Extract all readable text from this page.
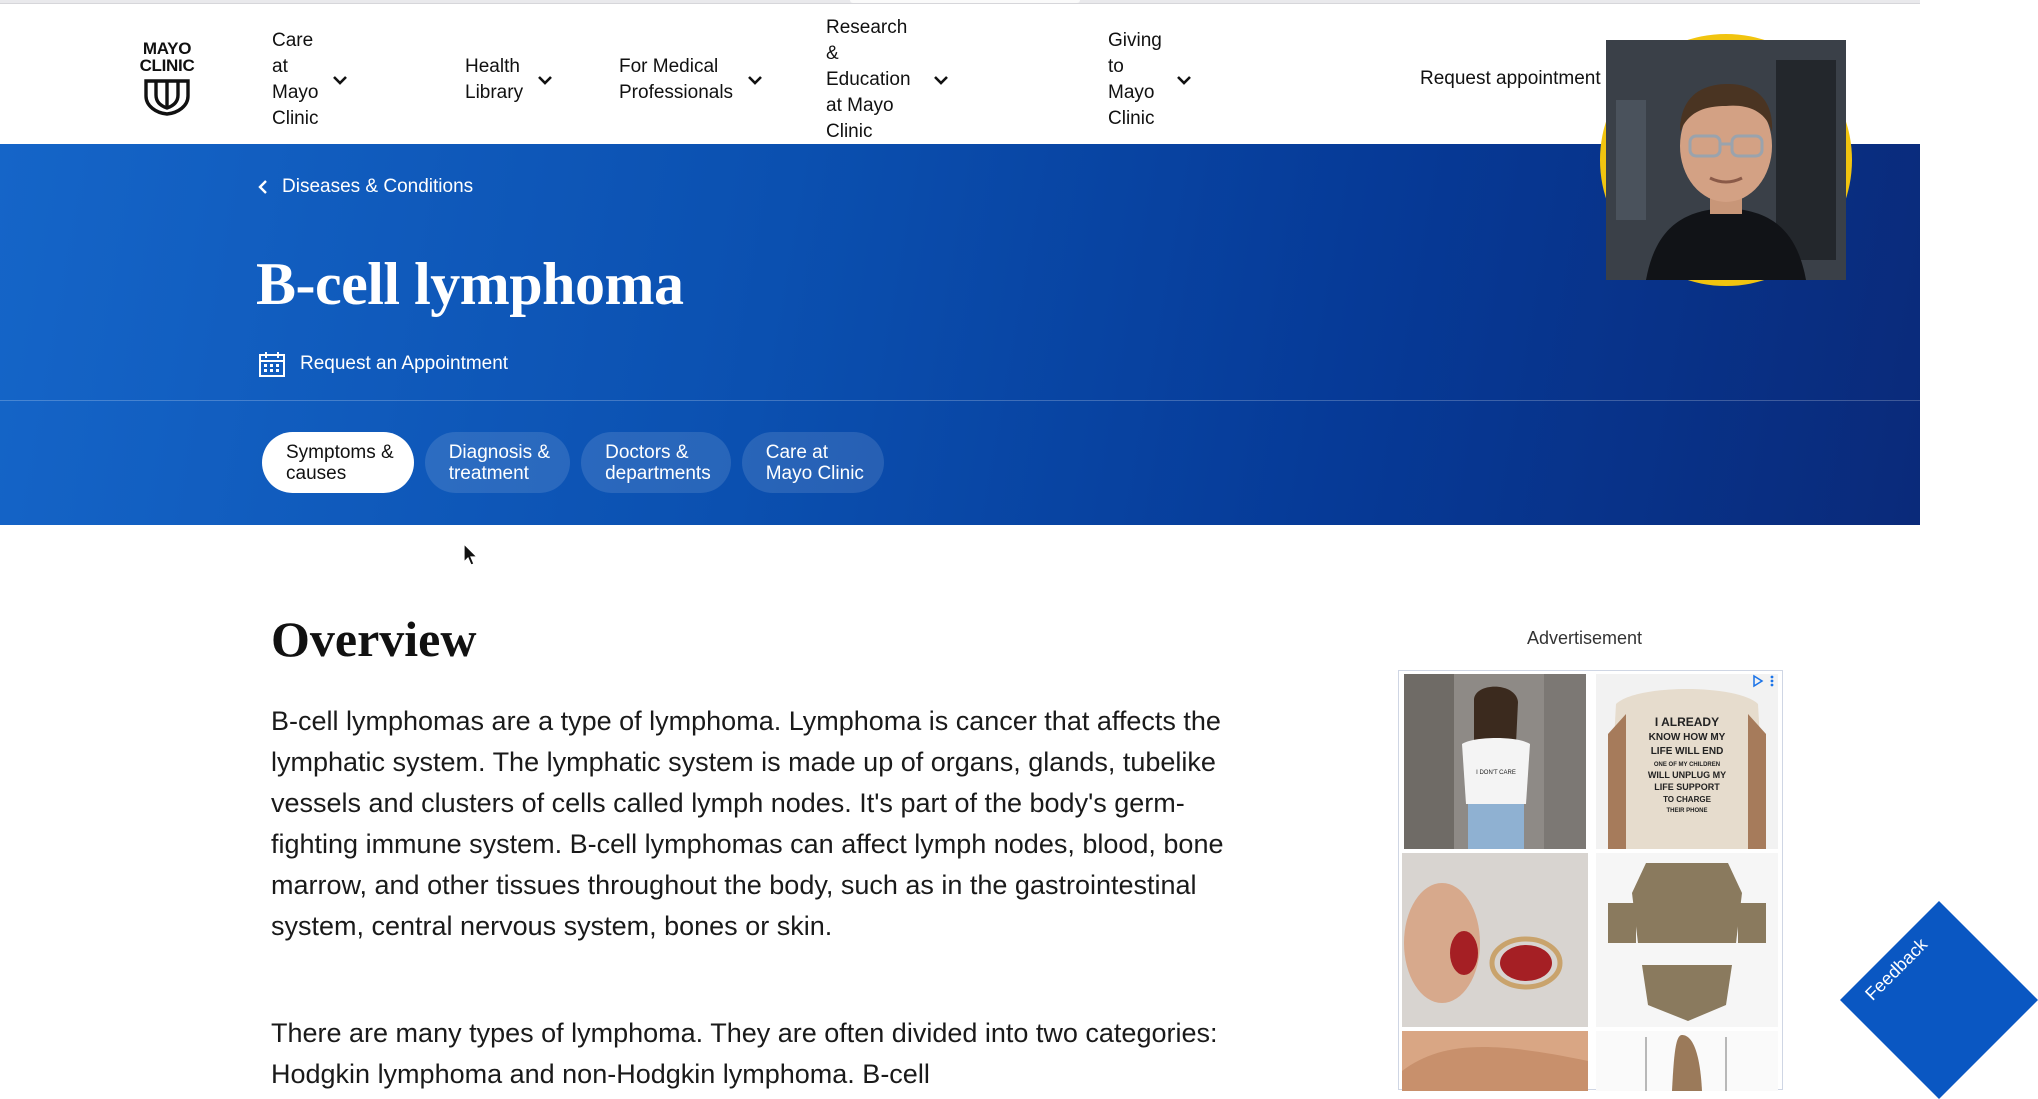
MAYO
CLINIC
Care at
Mayo Clinic
Health
Library
For Medical
Professionals
Research & Education
at Mayo Clinic
Giving to
Mayo Clinic
Request appointment
Diseases & Conditions
B-cell lymphoma
Request an Appointment
Symptoms &
causes
Diagnosis &
treatment
Doctors &
departments
Care at
Mayo Clinic
Overview

B-cell lymphomas are a type of lymphoma. Lymphoma is cancer that affects the lymphatic system. The lymphatic system is made up of organs, glands, tubelike vessels and clusters of cells called lymph nodes. It's part of the body's germ-fighting immune system. B-cell lymphomas can affect lymph nodes, blood, bone marrow, and other tissues throughout the body, such as in the gastrointestinal system, central nervous system, bones or skin.

There are many types of lymphoma. They are often divided into two categories: Hodgkin lymphoma and non-Hodgkin lymphoma. B-cell

Advertisement
I DON'T CARE
I ALREADY
KNOW HOW MY
LIFE WILL END
ONE OF MY CHILDREN
WILL UNPLUG MY
LIFE SUPPORT
TO CHARGE
THEIR PHONE
Feedback
